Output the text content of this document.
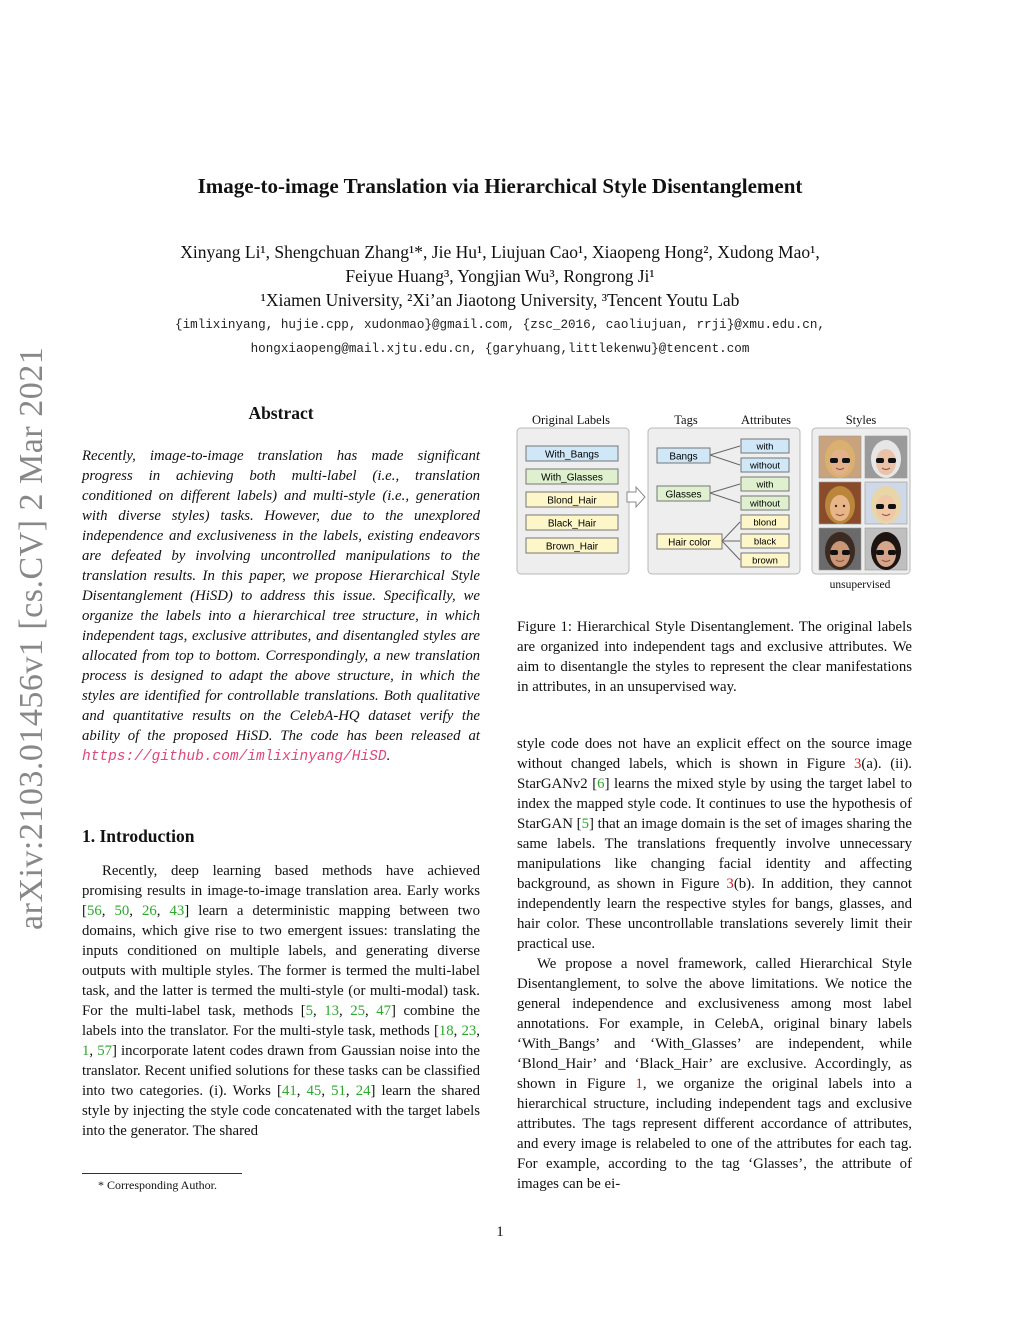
arXiv:2103.01456v1 [cs.CV] 2 Mar 2021
Image-to-image Translation via Hierarchical Style Disentanglement
Xinyang Li¹, Shengchuan Zhang¹*, Jie Hu¹, Liujuan Cao¹, Xiaopeng Hong², Xudong Mao¹,
Feiyue Huang³, Yongjian Wu³, Rongrong Ji¹
¹Xiamen University, ²Xi’an Jiaotong University, ³Tencent Youtu Lab
{imlixinyang, hujie.cpp, xudonmao}@gmail.com, {zsc_2016, caoliujuan, rrji}@xmu.edu.cn,
hongxiaopeng@mail.xjtu.edu.cn, {garyhuang,littlekenwu}@tencent.com
Abstract
Recently, image-to-image translation has made significant progress in achieving both multi-label (i.e., translation conditioned on different labels) and multi-style (i.e., generation with diverse styles) tasks. However, due to the unexplored independence and exclusiveness in the labels, existing endeavors are defeated by involving uncontrolled manipulations to the translation results. In this paper, we propose Hierarchical Style Disentanglement (HiSD) to address this issue. Specifically, we organize the labels into a hierarchical tree structure, in which independent tags, exclusive attributes, and disentangled styles are allocated from top to bottom. Correspondingly, a new translation process is designed to adapt the above structure, in which the styles are identified for controllable translations. Both qualitative and quantitative results on the CelebA-HQ dataset verify the ability of the proposed HiSD. The code has been released at https://github.com/imlixinyang/HiSD.
1. Introduction

Recently, deep learning based methods have achieved promising results in image-to-image translation area. Early works [56, 50, 26, 43] learn a deterministic mapping between two domains, which give rise to two emergent issues: translating the inputs conditioned on multiple labels, and generating diverse outputs with multiple styles. The former is termed the multi-label task, and the latter is termed the multi-style (or multi-modal) task. For the multi-label task, methods [5, 13, 25, 47] combine the labels into the translator. For the multi-style task, methods [18, 23, 1, 57] incorporate latent codes drawn from Gaussian noise into the translator. Recent unified solutions for these tasks can be classified into two categories. (i). Works [41, 45, 51, 24] learn the shared style by injecting the style code concatenated with the target labels into the generator. The shared

* Corresponding Author.
Original Labels	Tags	Attributes	Styles
With_Bangs
With_Glasses
Blond_Hair
Black_Hair
Brown_Hair
Bangs
Glasses
Hair color
with
without
with
without
blond
black
brown
unsupervised
Figure 1: Hierarchical Style Disentanglement. The original labels are organized into independent tags and exclusive attributes. We aim to disentangle the styles to represent the clear manifestations in attributes, in an unsupervised way.

style code does not have an explicit effect on the source image without changed labels, which is shown in Figure 3(a). (ii). StarGANv2 [6] learns the mixed style by using the target label to index the mapped style code. It continues to use the hypothesis of StarGAN [5] that an image domain is the set of images sharing the same labels. The translations frequently involve unnecessary manipulations like changing facial identity and affecting background, as shown in Figure 3(b). In addition, they cannot independently learn the respective styles for bangs, glasses, and hair color. These uncontrollable translations severely limit their practical use.

We propose a novel framework, called Hierarchical Style Disentanglement, to solve the above limitations. We notice the general independence and exclusiveness among most label annotations. For example, in CelebA, original binary labels ‘With_Bangs’ and ‘With_Glasses’ are independent, while ‘Blond_Hair’ and ‘Black_Hair’ are exclusive. Accordingly, as shown in Figure 1, we organize the original labels into a hierarchical structure, including independent tags and exclusive attributes. The tags represent different accordance of attributes, and every image is relabeled to one of the attributes for each tag. For example, according to the tag ‘Glasses’, the attribute of images can be ei-

1
